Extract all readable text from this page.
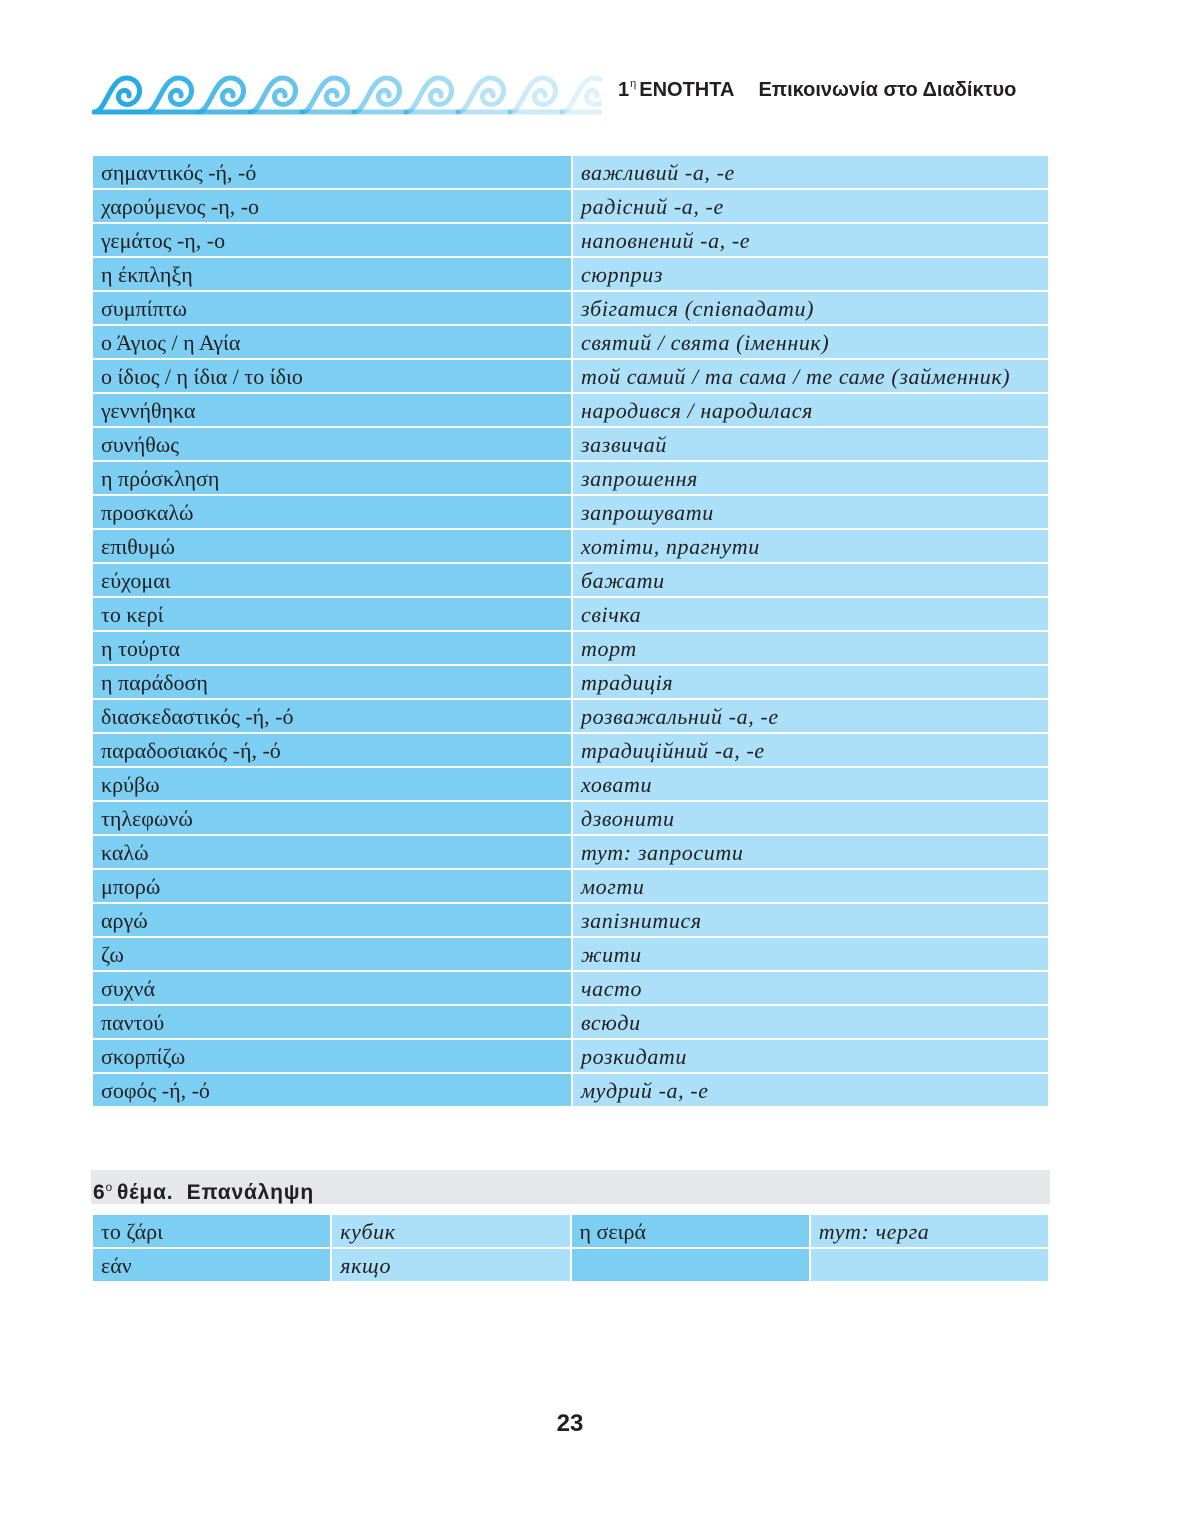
$1^\eta$ ΕΝΟΤΗΤΑ Επικοινωνία στο Διαδίκτυο
σημαντικός -ή, -ό	важливий -а, -е
χαρούμενος -η, -ο	радісний -а, -е
γεμάτος -η, -ο	наповнений -а, -е
η έκπληξη	сюрприз
συμπίπτω	збігатися (співпадати)
ο Άγιος / η Αγία	святий / свята (іменник)
ο ίδιος / η ίδια / το ίδιο	той самий / та сама / те саме (займенник)
γεννήθηκα	народився / народилася
συνήθως	зазвичай
η πρόσκληση	запрошення
προσκαλώ	запрошувати
επιθυμώ	хотіти, прагнути
εύχομαι	бажати
το κερί	свічка
η τούρτα	торт
η παράδοση	традиція
διασκεδαστικός -ή, -ό	розважальний -а, -е
παραδοσιακός -ή, -ό	традиційний -а, -е
κρύβω	ховати
τηλεφωνώ	дзвонити
καλώ	тут: запросити
μπορώ	могти
αργώ	запізнитися
ζω	жити
συχνά	часто
παντού	всюди
σκορπίζω	розкидати
σοφός -ή, -ό	мудрий -а, -е
$6^o$ θέμα. Επανάληψη
το ζάρι	кубик	η σειρά	тут: черга
εάν	якщо		
23
